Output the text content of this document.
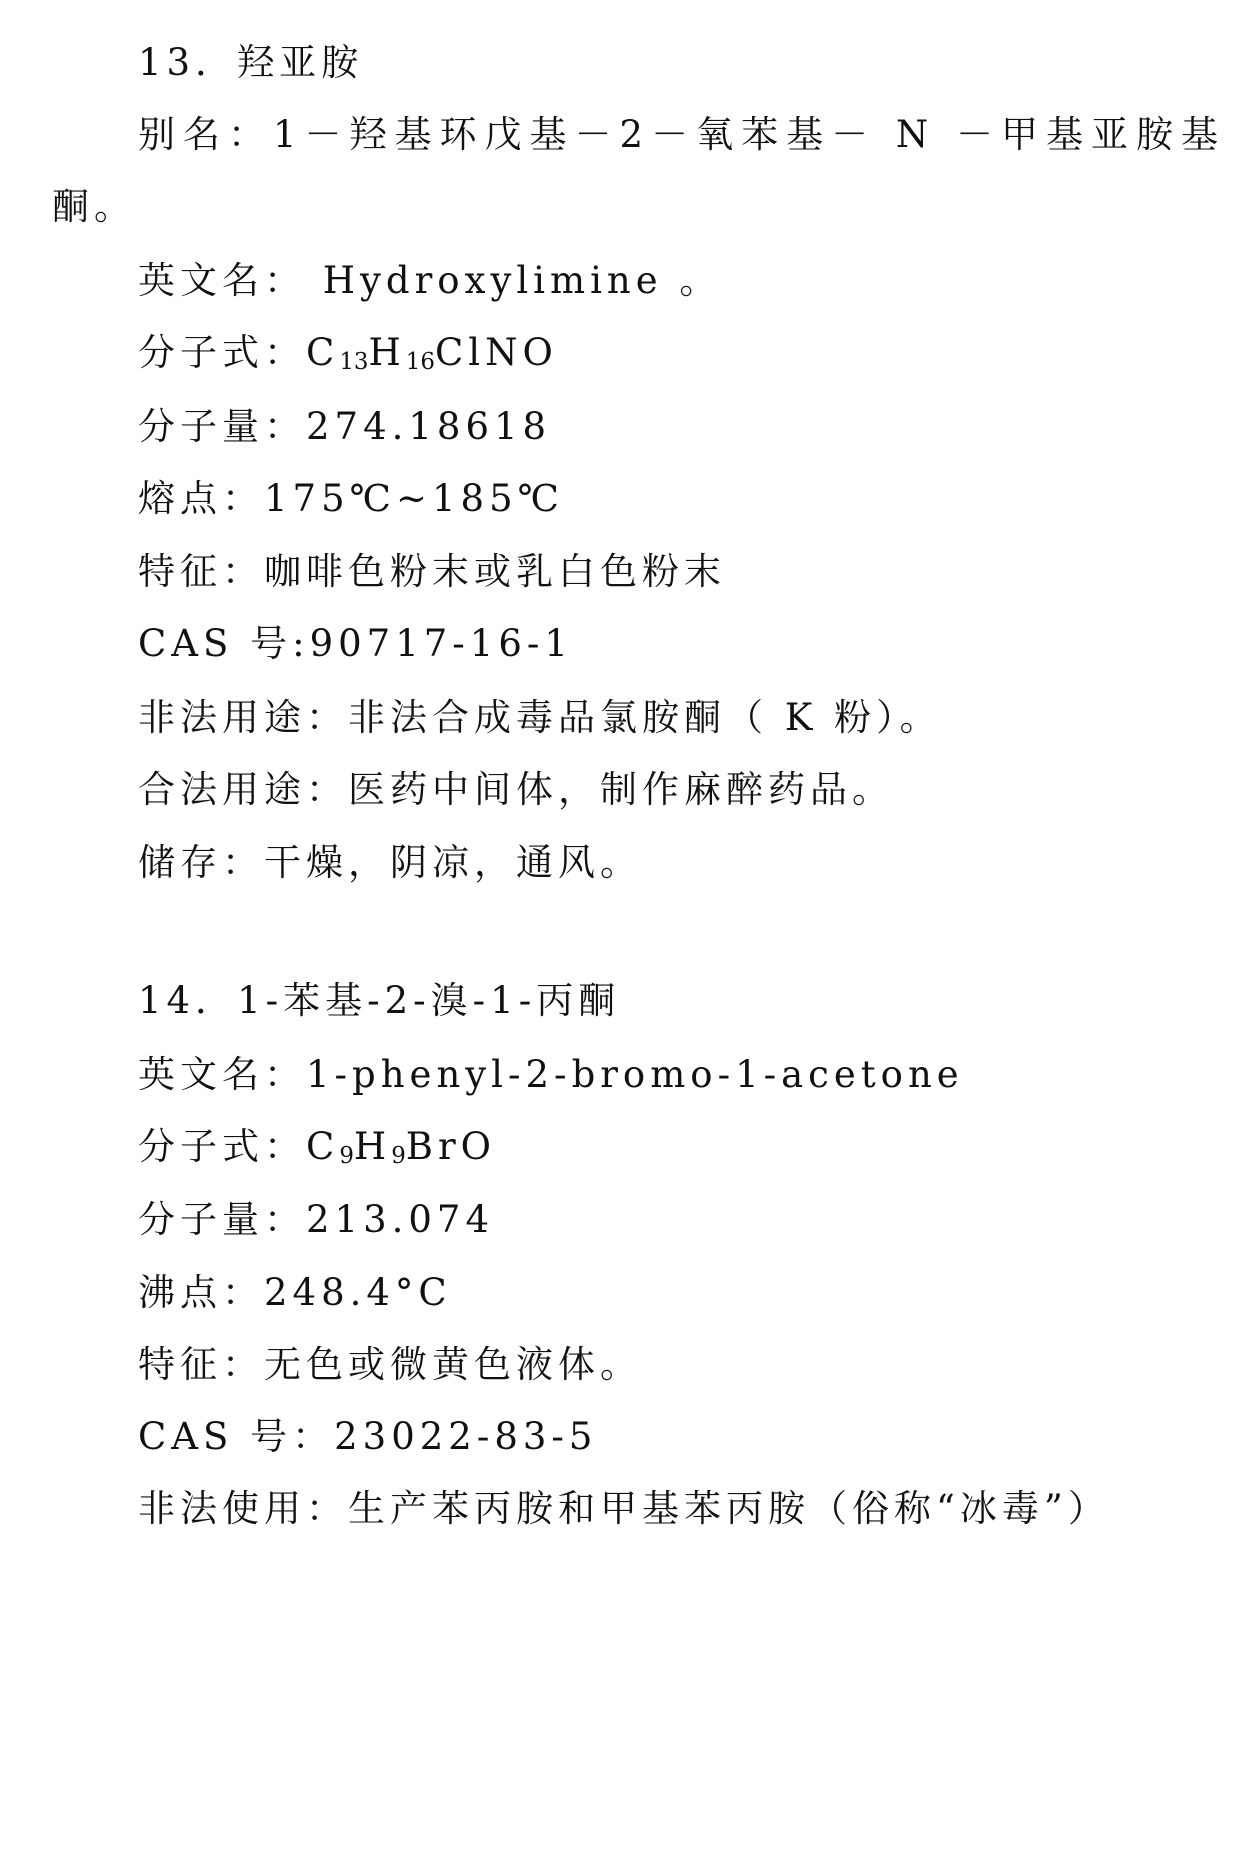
13．羟亚胺
别名：1－羟基环戊基－2－氧苯基－ N －甲基亚胺基
酮。
英文名： Hydroxylimine 。
分子式：$C_{13}H_{16}ClNO$
分子量：274.18618
熔点：175℃~185℃
特征：咖啡色粉末或乳白色粉末
CAS 号:90717-16-1
非法用途：非法合成毒品氯胺酮（ K 粉）。
合法用途：医药中间体，制作麻醉药品。
储存：干燥，阴凉，通风。
14．1-苯基-2-溴-1-丙酮
英文名：1-phenyl-2-bromo-1-acetone
分子式：$C_9H_9BrO$
分子量：213.074
沸点：248.4°C
特征：无色或微黄色液体。
CAS 号：23022-83-5
非法使用：生产苯丙胺和甲基苯丙胺（俗称“冰毒”）
